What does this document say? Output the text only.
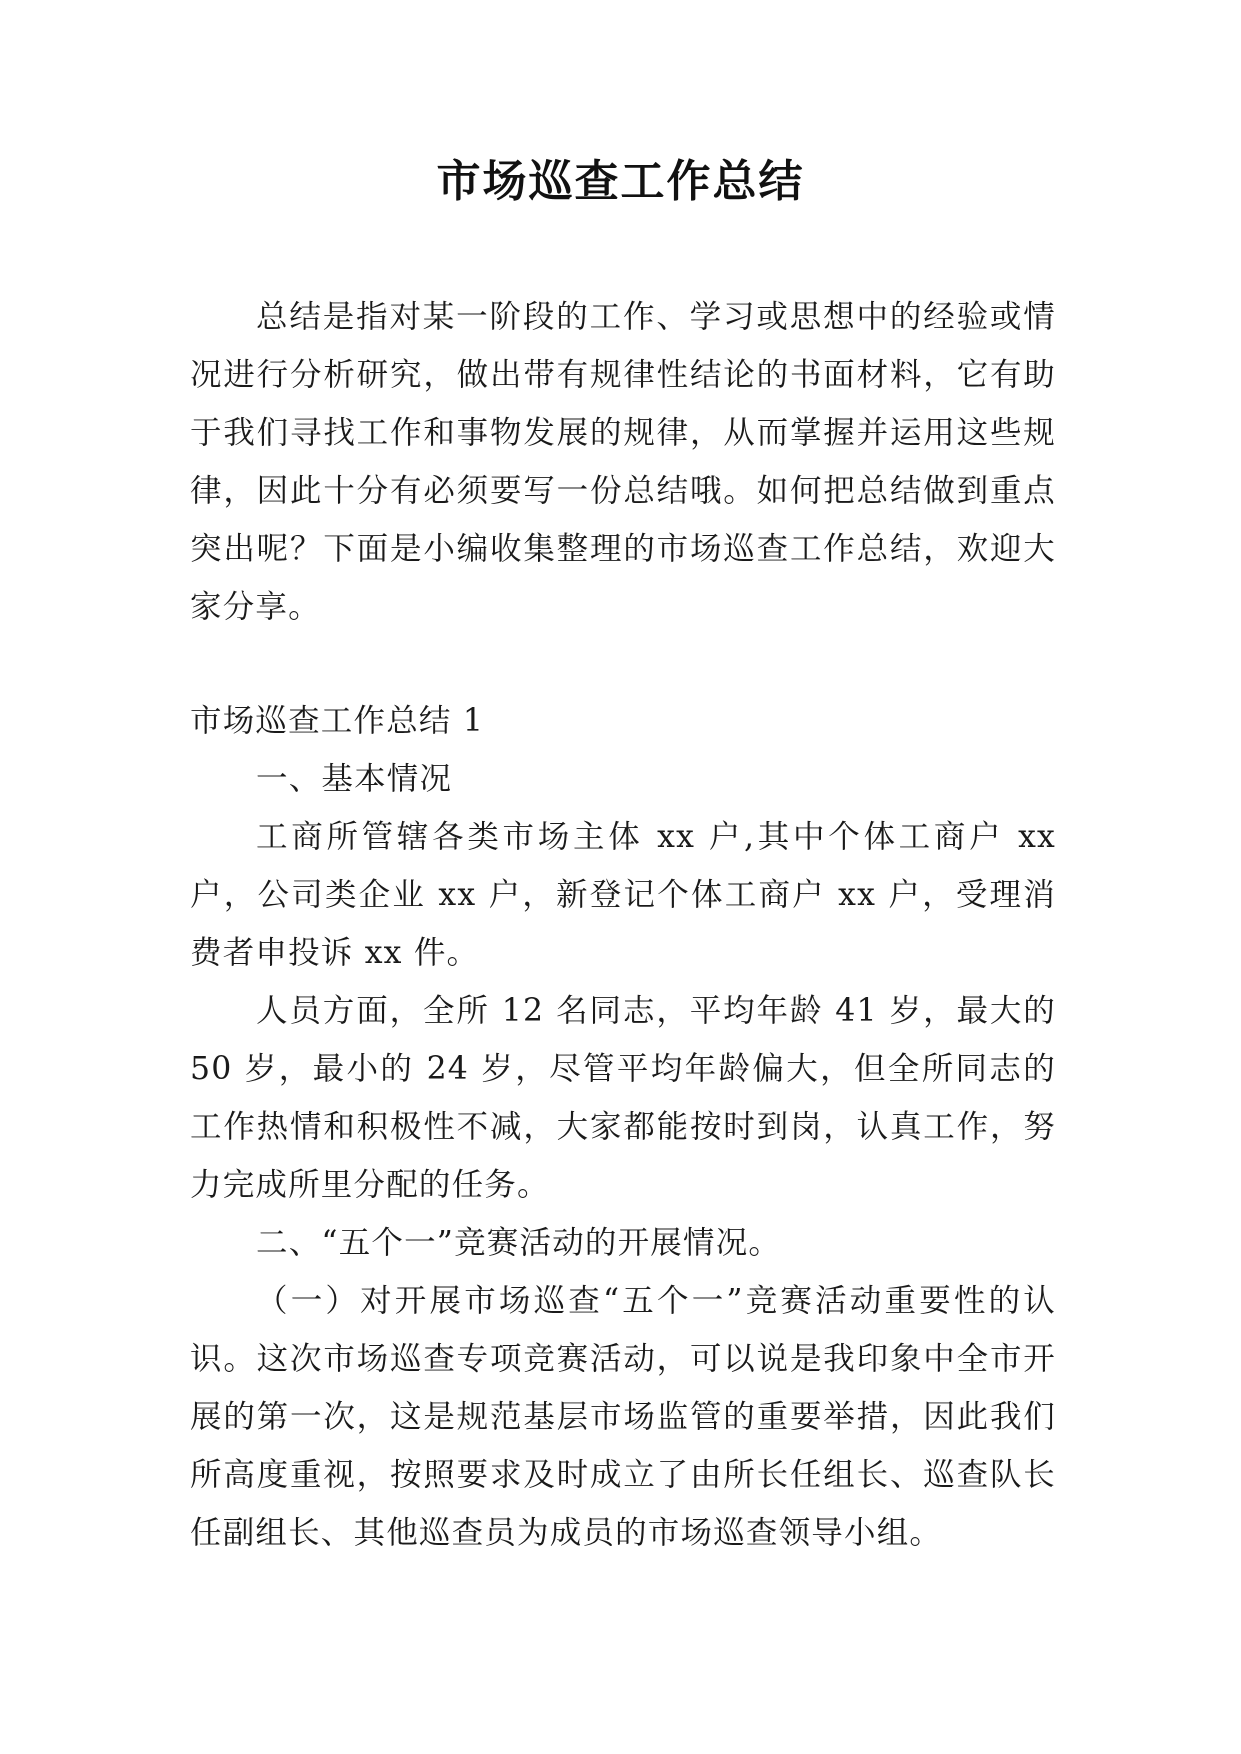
市场巡查工作总结

总结是指对某一阶段的工作、学习或思想中的经验或情况进行分析研究，做出带有规律性结论的书面材料，它有助于我们寻找工作和事物发展的规律，从而掌握并运用这些规律，因此十分有必须要写一份总结哦。如何把总结做到重点突出呢？下面是小编收集整理的市场巡查工作总结，欢迎大家分享。

市场巡查工作总结 1

一、基本情况

工商所管辖各类市场主体 xx 户,其中个体工商户 xx 户，公司类企业 xx 户，新登记个体工商户 xx 户，受理消费者申投诉 xx 件。

人员方面，全所 12 名同志，平均年龄 41 岁，最大的 50 岁，最小的 24 岁，尽管平均年龄偏大，但全所同志的工作热情和积极性不减，大家都能按时到岗，认真工作，努力完成所里分配的任务。

二、“五个一”竞赛活动的开展情况。

（一）对开展市场巡查“五个一”竞赛活动重要性的认识。这次市场巡查专项竞赛活动，可以说是我印象中全市开展的第一次，这是规范基层市场监管的重要举措，因此我们所高度重视，按照要求及时成立了由所长任组长、巡查队长任副组长、其他巡查员为成员的市场巡查领导小组。
